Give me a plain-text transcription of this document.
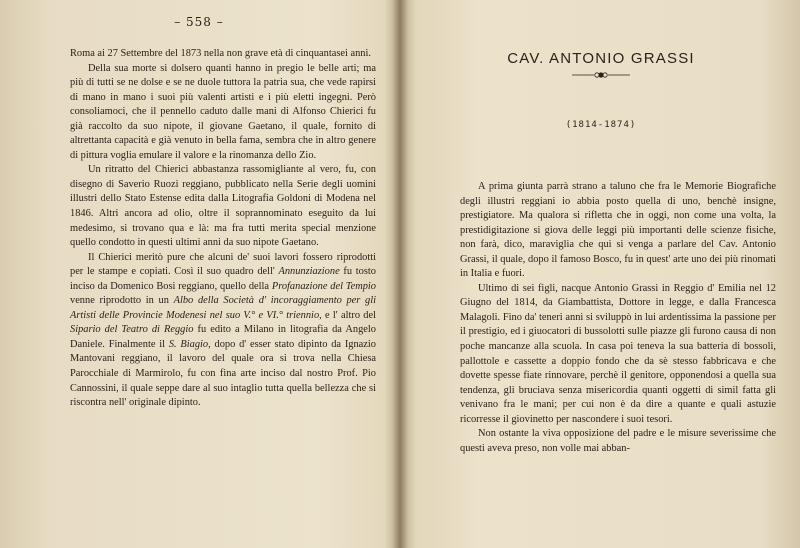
– 558 –

Roma ai 27 Settembre del 1873 nella non grave età di cinquantasei anni.

Della sua morte si dolsero quanti hanno in pregio le belle arti; ma più di tutti se ne dolse e se ne duole tuttora la patria sua, che vede rapirsi di mano in mano i suoi più valenti artisti e i più eletti ingegni. Però consoliamoci, che il pennello caduto dalle mani di Alfonso Chierici fu già raccolto da suo nipote, il giovane Gaetano, il quale, fornito di altrettanta capacità e già venuto in bella fama, sembra che in altro genere di pittura voglia emulare il valore e la rinomanza dello Zio.

Un ritratto del Chierici abbastanza rassomigliante al vero, fu, con disegno di Saverio Ruozi reggiano, pubblicato nella Serie degli uomini illustri dello Stato Estense edita dalla Litografia Goldoni di Modena nel 1846. Altri ancora ad olio, oltre il soprannominato eseguito da lui medesimo, si trovano qua e là: ma fra tutti merita special menzione quello condotto in questi ultimi anni da suo nipote Gaetano.

Il Chierici meritò pure che alcuni de' suoi lavori fossero riprodotti per le stampe e copiati. Così il suo quadro dell' Annunziazione fu tosto inciso da Domenico Bosi reggiano, quello della Profanazione del Tempio venne riprodotto in un Albo della Società d' incoraggiamento per gli Artisti delle Provincie Modenesi nel suo V.° e VI.° triennio, e l' altro del Sipario del Teatro di Reggio fu edito a Milano in litografia da Angelo Daniele. Finalmente il S. Biagio, dopo d' esser stato dipinto da Ignazio Mantovani reggiano, il lavoro del quale ora si trova nella Chiesa Parocchiale di Marmirolo, fu con fina arte inciso dal nostro Prof. Pio Cannossini, il quale seppe dare al suo intaglio tutta quella bellezza che si riscontra nell' originale dipinto.

CAV. ANTONIO GRASSI
(1814-1874)

A prima giunta parrà strano a taluno che fra le Memorie Biografiche degli illustri reggiani io abbia posto quella di uno, benchè insigne, prestigiatore. Ma qualora si rifletta che in oggi, non come una volta, la prestidigitazione si giova delle leggi più importanti delle scienze fisiche, non farà, dico, maraviglia che qui si venga a parlare del Cav. Antonio Grassi, il quale, dopo il famoso Bosco, fu in quest' arte uno dei più rinomati in Italia e fuori.

Ultimo di sei figli, nacque Antonio Grassi in Reggio d' Emilia nel 12 Giugno del 1814, da Giambattista, Dottore in legge, e dalla Francesca Malagoli. Fino da' teneri anni si sviluppò in lui ardentissima la passione per il prestigio, ed i giuocatori di bussolotti sulle piazze gli furono causa di non poche mancanze alla scuola. In casa poi teneva la sua batteria di bossoli, pallottole e cassette a doppio fondo che da sè stesso fabbricava e che dovette spesse fiate rinnovare, perchè il genitore, opponendosi a quella sua tendenza, gli bruciava senza misericordia quanti oggetti di simil fatta gli venivano fra le mani; per cui non è da dire a quante e quali astuzie ricorresse il giovinetto per nascondere i suoi tesori.

Non ostante la viva opposizione del padre e le misure severissime che questi aveva preso, non volle mai abban-
